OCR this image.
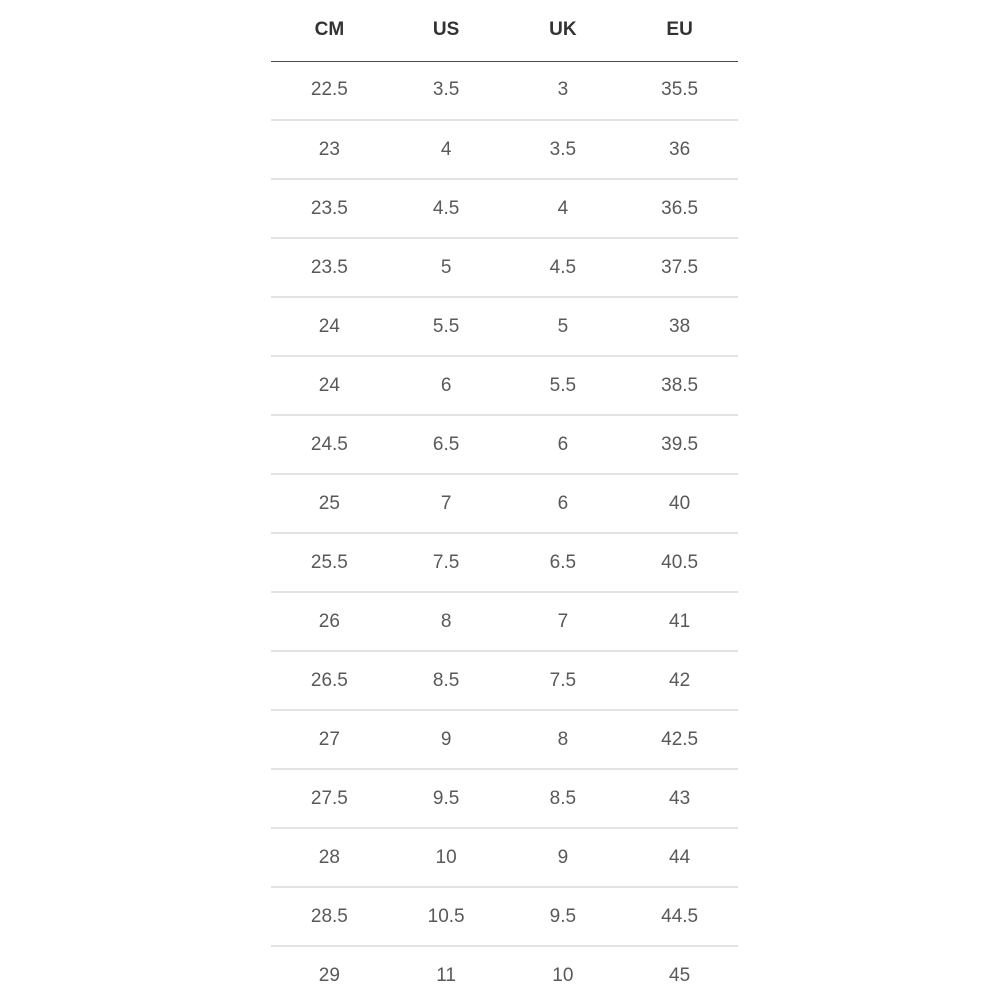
CM	US	UK	EU
22.5	3.5	3	35.5
23	4	3.5	36
23.5	4.5	4	36.5
23.5	5	4.5	37.5
24	5.5	5	38
24	6	5.5	38.5
24.5	6.5	6	39.5
25	7	6	40
25.5	7.5	6.5	40.5
26	8	7	41
26.5	8.5	7.5	42
27	9	8	42.5
27.5	9.5	8.5	43
28	10	9	44
28.5	10.5	9.5	44.5
29	11	10	45
